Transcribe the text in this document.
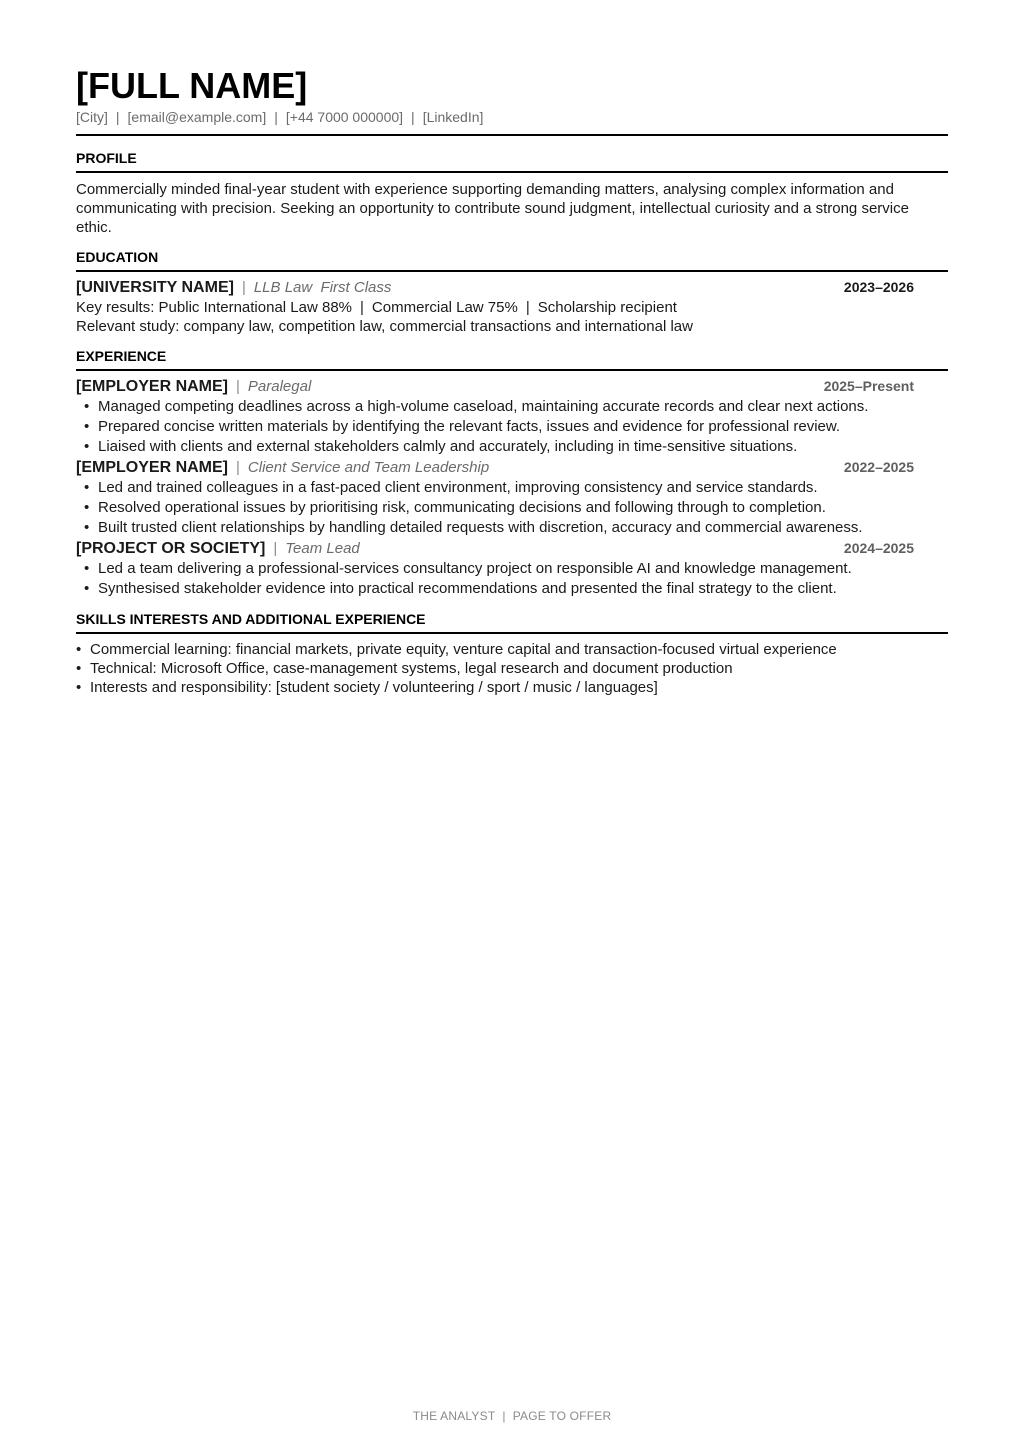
[FULL NAME]
[City] | [email@example.com] | [+44 7000 000000] | [LinkedIn]
PROFILE
Commercially minded final-year student with experience supporting demanding matters, analysing complex information and communicating with precision. Seeking an opportunity to contribute sound judgment, intellectual curiosity and a strong service ethic.
EDUCATION
[UNIVERSITY NAME] | LLB Law  First Class	2023–2026
Key results: Public International Law 88% | Commercial Law 75% | Scholarship recipient
Relevant study: company law, competition law, commercial transactions and international law
EXPERIENCE
[EMPLOYER NAME] | Paralegal	2025–Present
• Managed competing deadlines across a high-volume caseload, maintaining accurate records and clear next actions.
• Prepared concise written materials by identifying the relevant facts, issues and evidence for professional review.
• Liaised with clients and external stakeholders calmly and accurately, including in time-sensitive situations.
[EMPLOYER NAME] | Client Service and Team Leadership	2022–2025
• Led and trained colleagues in a fast-paced client environment, improving consistency and service standards.
• Resolved operational issues by prioritising risk, communicating decisions and following through to completion.
• Built trusted client relationships by handling detailed requests with discretion, accuracy and commercial awareness.
[PROJECT OR SOCIETY] | Team Lead	2024–2025
• Led a team delivering a professional-services consultancy project on responsible AI and knowledge management.
• Synthesised stakeholder evidence into practical recommendations and presented the final strategy to the client.
SKILLS INTERESTS AND ADDITIONAL EXPERIENCE
• Commercial learning: financial markets, private equity, venture capital and transaction-focused virtual experience
• Technical: Microsoft Office, case-management systems, legal research and document production
• Interests and responsibility: [student society / volunteering / sport / music / languages]
THE ANALYST | PAGE TO OFFER
